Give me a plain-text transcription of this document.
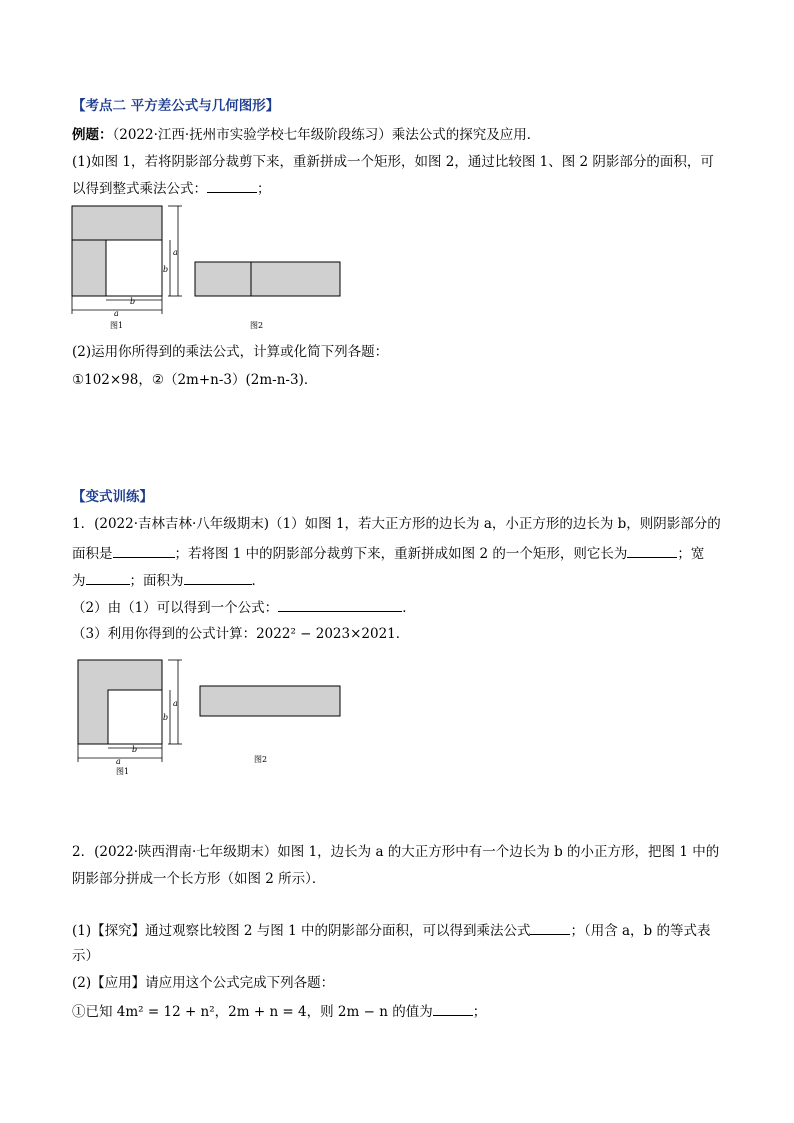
【考点二 平方差公式与几何图形】
例题：（2022·江西·抚州市实验学校七年级阶段练习）乘法公式的探究及应用．
(1)如图 1，若将阴影部分裁剪下来，重新拼成一个矩形，如图 2，通过比较图 1、图 2 阴影部分的面积，可
以得到整式乘法公式：	；
a
b
b
a
图1	图2
(2)运用你所得到的乘法公式，计算或化简下列各题：
①102×98，②（2m+n-3）(2m-n-3)．
【变式训练】
1．(2022·吉林吉林·八年级期末)（1）如图 1，若大正方形的边长为 a，小正方形的边长为 b，则阴影部分的
面积是	；若将图 1 中的阴影部分裁剪下来，重新拼成如图 2 的一个矩形，则它长为	；宽
为	；面积为	．
（2）由（1）可以得到一个公式：	．
（3）利用你得到的公式计算：2022² − 2023×2021．
a
b
b
a
图1
图2
2．(2022·陕西渭南·七年级期末）如图 1，边长为 a 的大正方形中有一个边长为 b 的小正方形，把图 1 中的
阴影部分拼成一个长方形（如图 2 所示）．
(1)【探究】通过观察比较图 2 与图 1 中的阴影部分面积，可以得到乘法公式	；（用含 a，b 的等式表
示）
(2)【应用】请应用这个公式完成下列各题：
①已知 4m² = 12 + n²，2m + n = 4，则 2m − n 的值为	；
